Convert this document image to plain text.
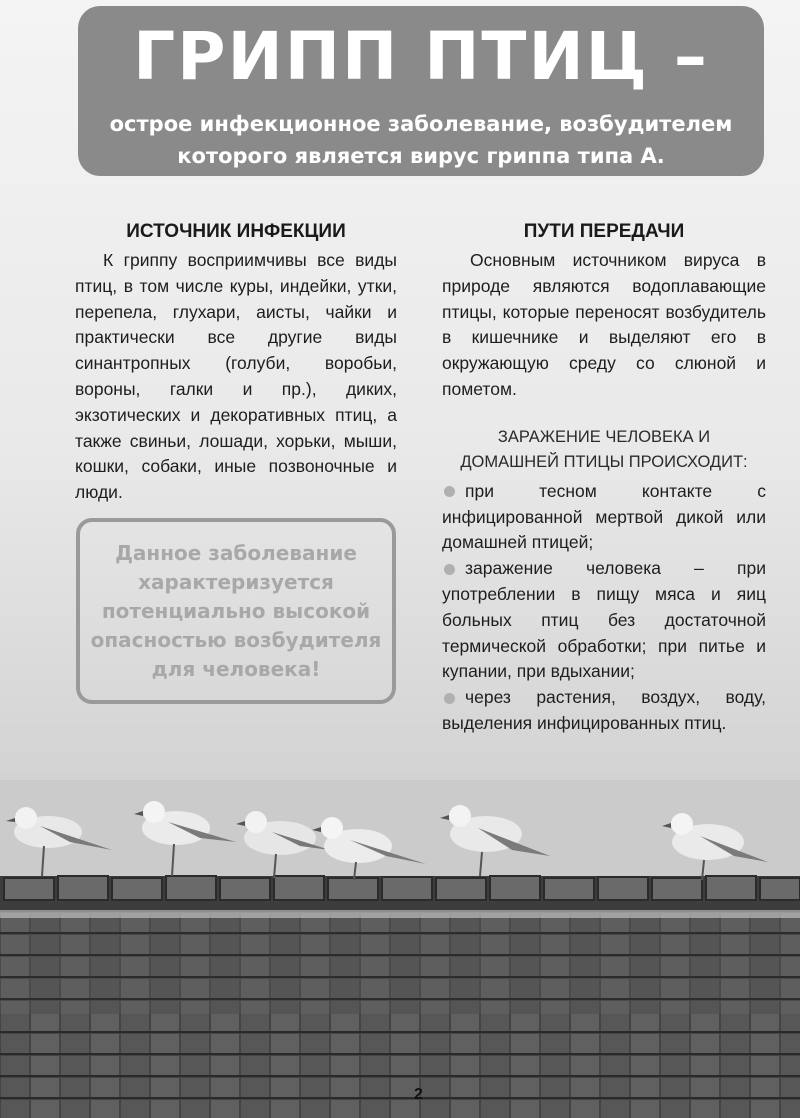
ГРИПП ПТИЦ –
острое инфекционное заболевание, возбудителем
которого является вирус гриппа типа А.
ИСТОЧНИК ИНФЕКЦИИ

К гриппу восприимчивы все виды птиц, в том числе куры, индейки, утки, перепела, глухари, аисты, чайки и практически все другие виды синантропных (голуби, воробьи, вороны, галки и пр.), диких, экзотических и декоративных птиц, а также свиньи, лошади, хорьки, мыши, кошки, собаки, иные позвоночные и люди.

Данное заболевание характеризуется потенциально высокой опасностью возбудителя для человека!
ПУТИ ПЕРЕДАЧИ

Основным источником вируса в природе являются водоплавающие птицы, которые переносят возбудитель в кишечнике и выделяют его в окружающую среду со слюной и пометом.

ЗАРАЖЕНИЕ ЧЕЛОВЕКА И
ДОМАШНЕЙ ПТИЦЫ ПРОИСХОДИТ:

при тесном контакте с инфицированной мертвой дикой или домашней птицей;

заражение человека – при употреблении в пищу мяса и яиц больных птиц без достаточной термической обработки; при питье и купании, при вдыхании;

через растения, воздух, воду, выделения инфицированных птиц.

2
